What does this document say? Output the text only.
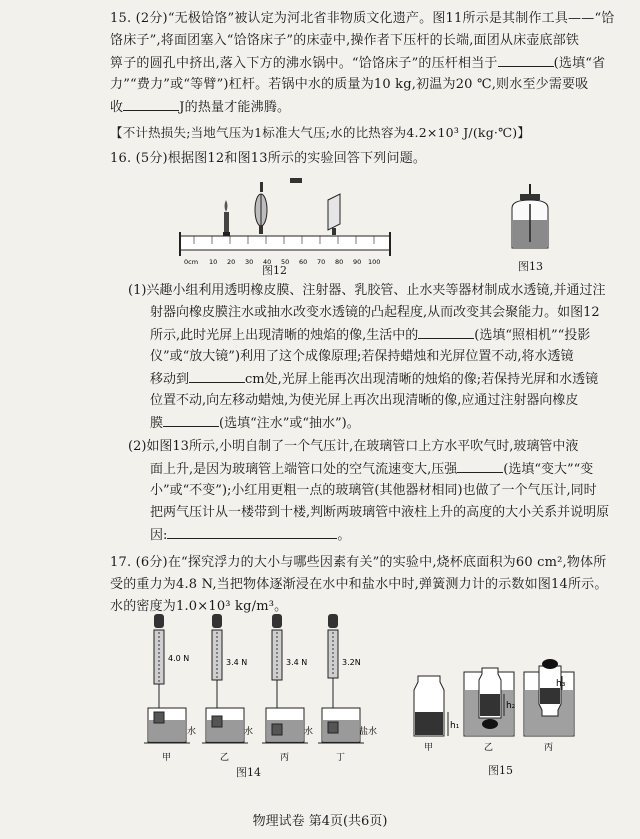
15. (2分)“无极饸饹”被认定为河北省非物质文化遗产。图11所示是其制作工具——“饸
饹床子”,将面团塞入“饸饹床子”的床壶中,操作者下压杆的长端,面团从床壶底部铁
箅子的圆孔中挤出,落入下方的沸水锅中。“饸饹床子”的压杆相当于	(选填“省
力”“费力”或“等臂”)杠杆。若锅中水的质量为10 kg,初温为20 ℃,则水至少需要吸
收	J的热量才能沸腾。
【不计热损失;当地气压为1标准大气压;水的比热容为4.2×10³ J/(kg·℃)】
16. (5分)根据图12和图13所示的实验回答下列问题。
0cm 10 20 30 40 50 60 70 80 90 100
图12	图13
(1)兴趣小组利用透明橡皮膜、注射器、乳胶管、止水夹等器材制成水透镜,并通过注
射器向橡皮膜注水或抽水改变水透镜的凸起程度,从而改变其会聚能力。如图12
所示,此时光屏上出现清晰的烛焰的像,生活中的	(选填“照相机”“投影
仪”或“放大镜”)利用了这个成像原理;若保持蜡烛和光屏位置不动,将水透镜
移动到	cm处,光屏上能再次出现清晰的烛焰的像;若保持光屏和水透镜
位置不动,向左移动蜡烛,为使光屏上再次出现清晰的像,应通过注射器向橡皮
膜	(选填“注水”或“抽水”)。
(2)如图13所示,小明自制了一个气压计,在玻璃管口上方水平吹气时,玻璃管中液
面上升,是因为玻璃管上端管口处的空气流速变大,压强	(选填“变大”“变
小”或“不变”);小红用更粗一点的玻璃管(其他器材相同)也做了一个气压计,同时
把两气压计从一楼带到十楼,判断两玻璃管中液柱上升的高度的大小关系并说明原
因:	。
17. (6分)在“探究浮力的大小与哪些因素有关”的实验中,烧杯底面积为60 cm²,物体所
受的重力为4.8 N,当把物体逐渐浸在水中和盐水中时,弹簧测力计的示数如图14所示。
水的密度为1.0×10³ kg/m³。
4.0 N
水
甲
3.4 N
水
乙
3.4 N
水
丙
3.2N
盐水
丁
图14
h₁
甲
h₂
乙
h₃
丙
图15
物理试卷 第4页(共6页)
